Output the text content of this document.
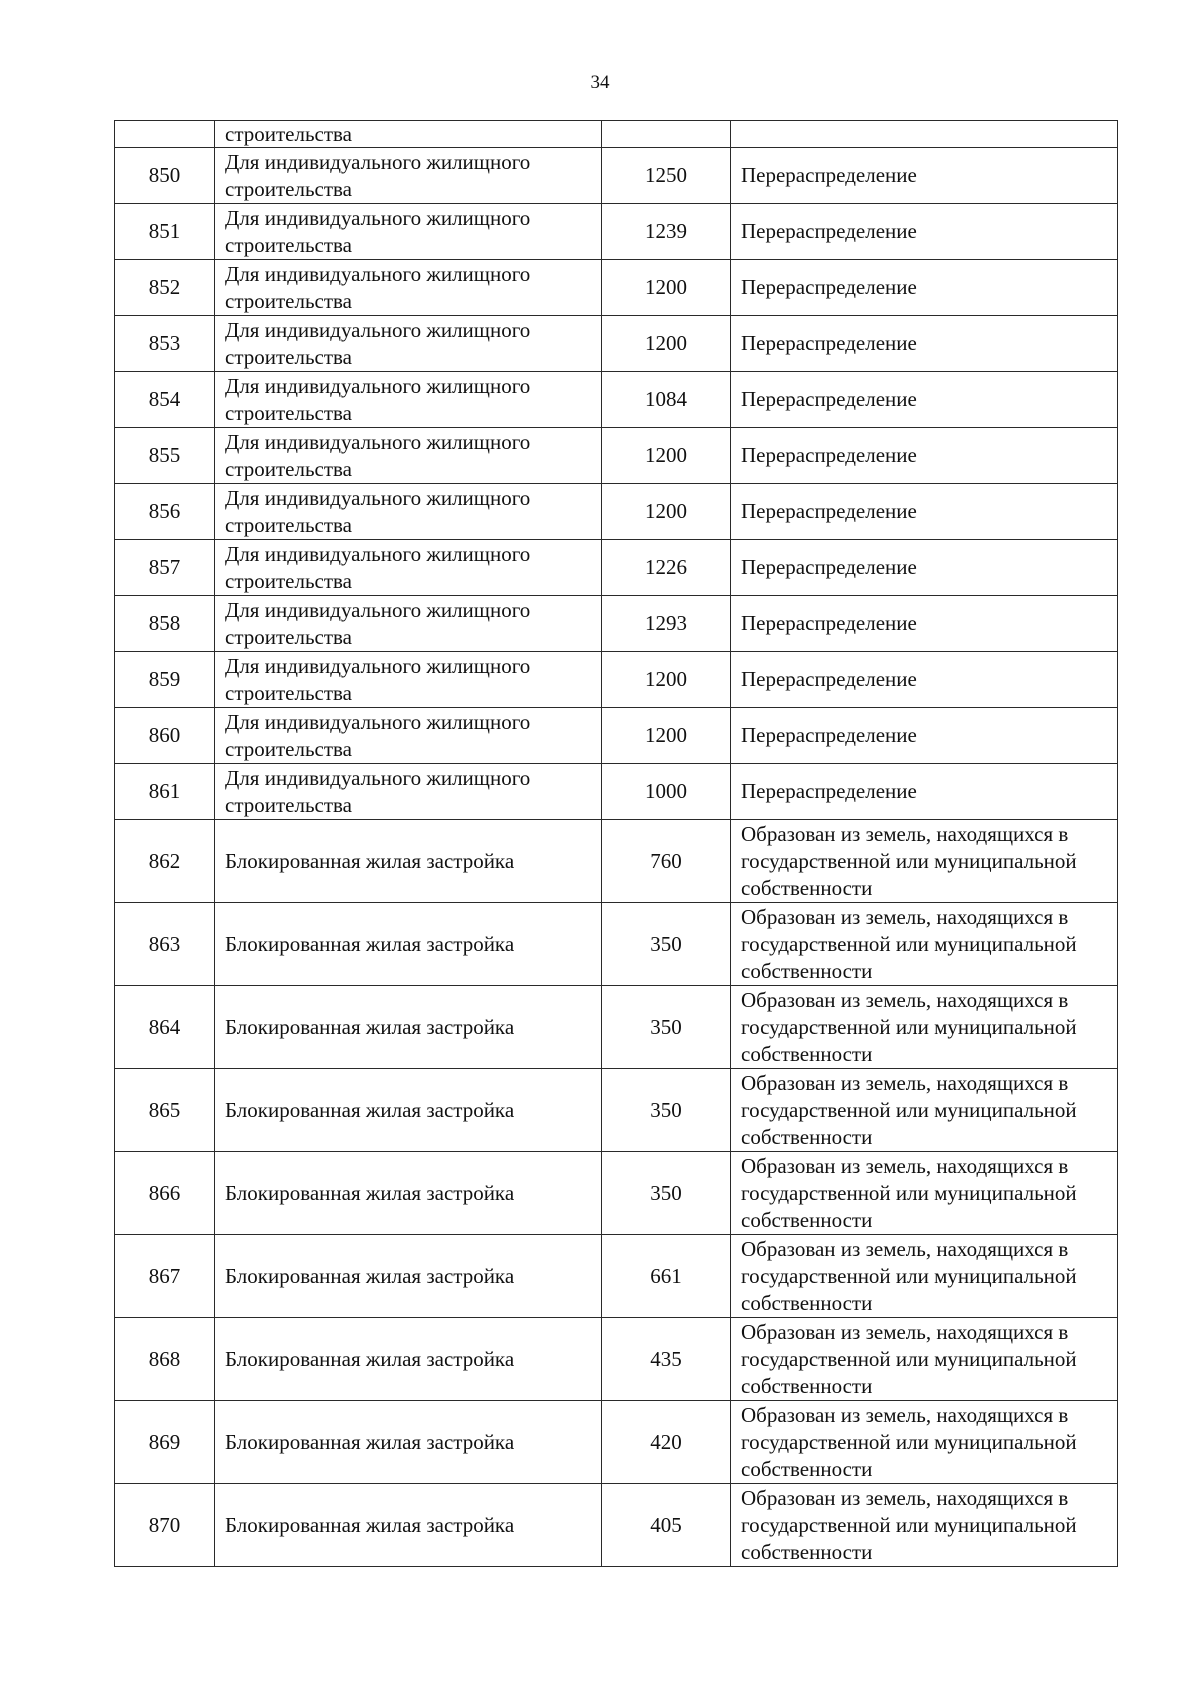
34
	строительства		
850	Для индивидуального жилищного строительства	1250	Перераспределение
851	Для индивидуального жилищного строительства	1239	Перераспределение
852	Для индивидуального жилищного строительства	1200	Перераспределение
853	Для индивидуального жилищного строительства	1200	Перераспределение
854	Для индивидуального жилищного строительства	1084	Перераспределение
855	Для индивидуального жилищного строительства	1200	Перераспределение
856	Для индивидуального жилищного строительства	1200	Перераспределение
857	Для индивидуального жилищного строительства	1226	Перераспределение
858	Для индивидуального жилищного строительства	1293	Перераспределение
859	Для индивидуального жилищного строительства	1200	Перераспределение
860	Для индивидуального жилищного строительства	1200	Перераспределение
861	Для индивидуального жилищного строительства	1000	Перераспределение
862	Блокированная жилая застройка	760	Образован из земель, находящихся в государственной или муниципальной собственности
863	Блокированная жилая застройка	350	Образован из земель, находящихся в государственной или муниципальной собственности
864	Блокированная жилая застройка	350	Образован из земель, находящихся в государственной или муниципальной собственности
865	Блокированная жилая застройка	350	Образован из земель, находящихся в государственной или муниципальной собственности
866	Блокированная жилая застройка	350	Образован из земель, находящихся в государственной или муниципальной собственности
867	Блокированная жилая застройка	661	Образован из земель, находящихся в государственной или муниципальной собственности
868	Блокированная жилая застройка	435	Образован из земель, находящихся в государственной или муниципальной собственности
869	Блокированная жилая застройка	420	Образован из земель, находящихся в государственной или муниципальной собственности
870	Блокированная жилая застройка	405	Образован из земель, находящихся в государственной или муниципальной собственности
